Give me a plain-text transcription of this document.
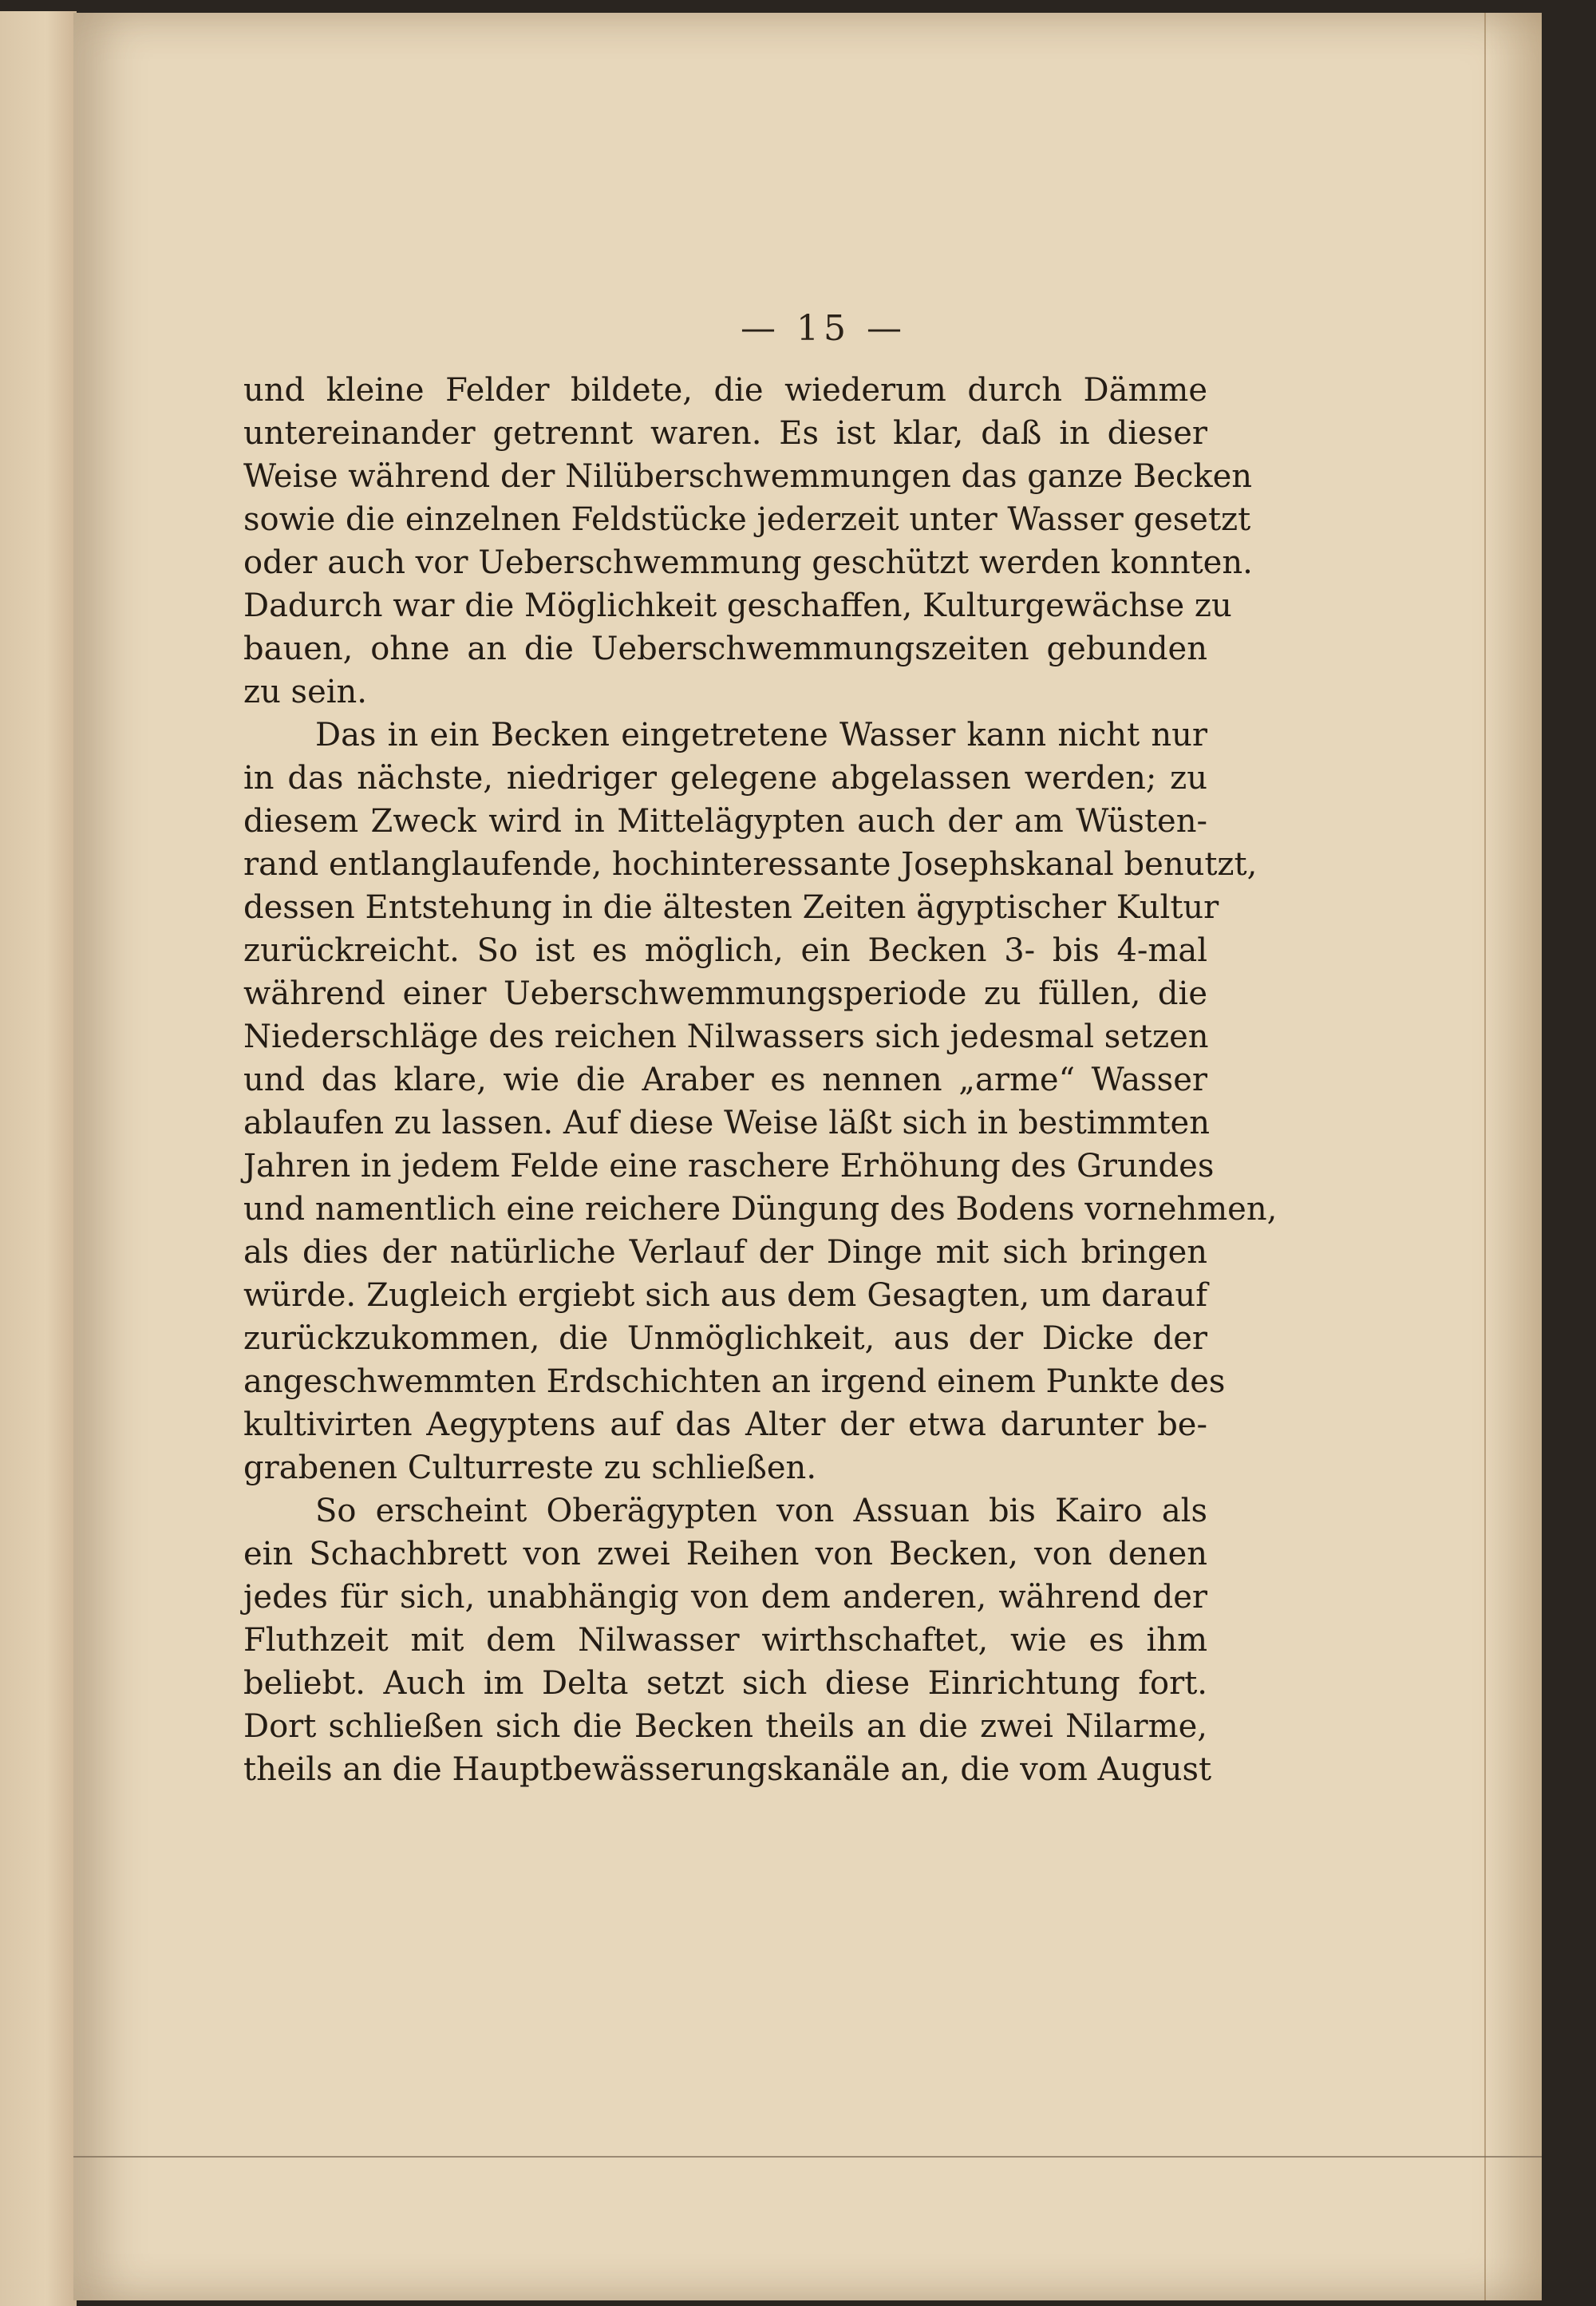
— 15 —
und kleine Felder bildete, die wiederum durch Dämme
untereinander getrennt waren. Es ist klar, daß in dieser
Weise während der Nilüberschwemmungen das ganze Becken
sowie die einzelnen Feldstücke jederzeit unter Wasser gesetzt
oder auch vor Ueberschwemmung geschützt werden konnten.
Dadurch war die Möglichkeit geschaffen, Kulturgewächse zu
bauen, ohne an die Ueberschwemmungszeiten gebunden
zu sein.
Das in ein Becken eingetretene Wasser kann nicht nur
in das nächste, niedriger gelegene abgelassen werden; zu
diesem Zweck wird in Mittelägypten auch der am Wüsten-
rand entlanglaufende, hochinteressante Josephskanal benutzt,
dessen Entstehung in die ältesten Zeiten ägyptischer Kultur
zurückreicht. So ist es möglich, ein Becken 3- bis 4-mal
während einer Ueberschwemmungsperiode zu füllen, die
Niederschläge des reichen Nilwassers sich jedesmal setzen
und das klare, wie die Araber es nennen „arme“ Wasser
ablaufen zu lassen. Auf diese Weise läßt sich in bestimmten
Jahren in jedem Felde eine raschere Erhöhung des Grundes
und namentlich eine reichere Düngung des Bodens vornehmen,
als dies der natürliche Verlauf der Dinge mit sich bringen
würde. Zugleich ergiebt sich aus dem Gesagten, um darauf
zurückzukommen, die Unmöglichkeit, aus der Dicke der
angeschwemmten Erdschichten an irgend einem Punkte des
kultivirten Aegyptens auf das Alter der etwa darunter be-
grabenen Culturreste zu schließen.
So erscheint Oberägypten von Assuan bis Kairo als
ein Schachbrett von zwei Reihen von Becken, von denen
jedes für sich, unabhängig von dem anderen, während der
Fluthzeit mit dem Nilwasser wirthschaftet, wie es ihm
beliebt. Auch im Delta setzt sich diese Einrichtung fort.
Dort schließen sich die Becken theils an die zwei Nilarme,
theils an die Hauptbewässerungskanäle an, die vom August
